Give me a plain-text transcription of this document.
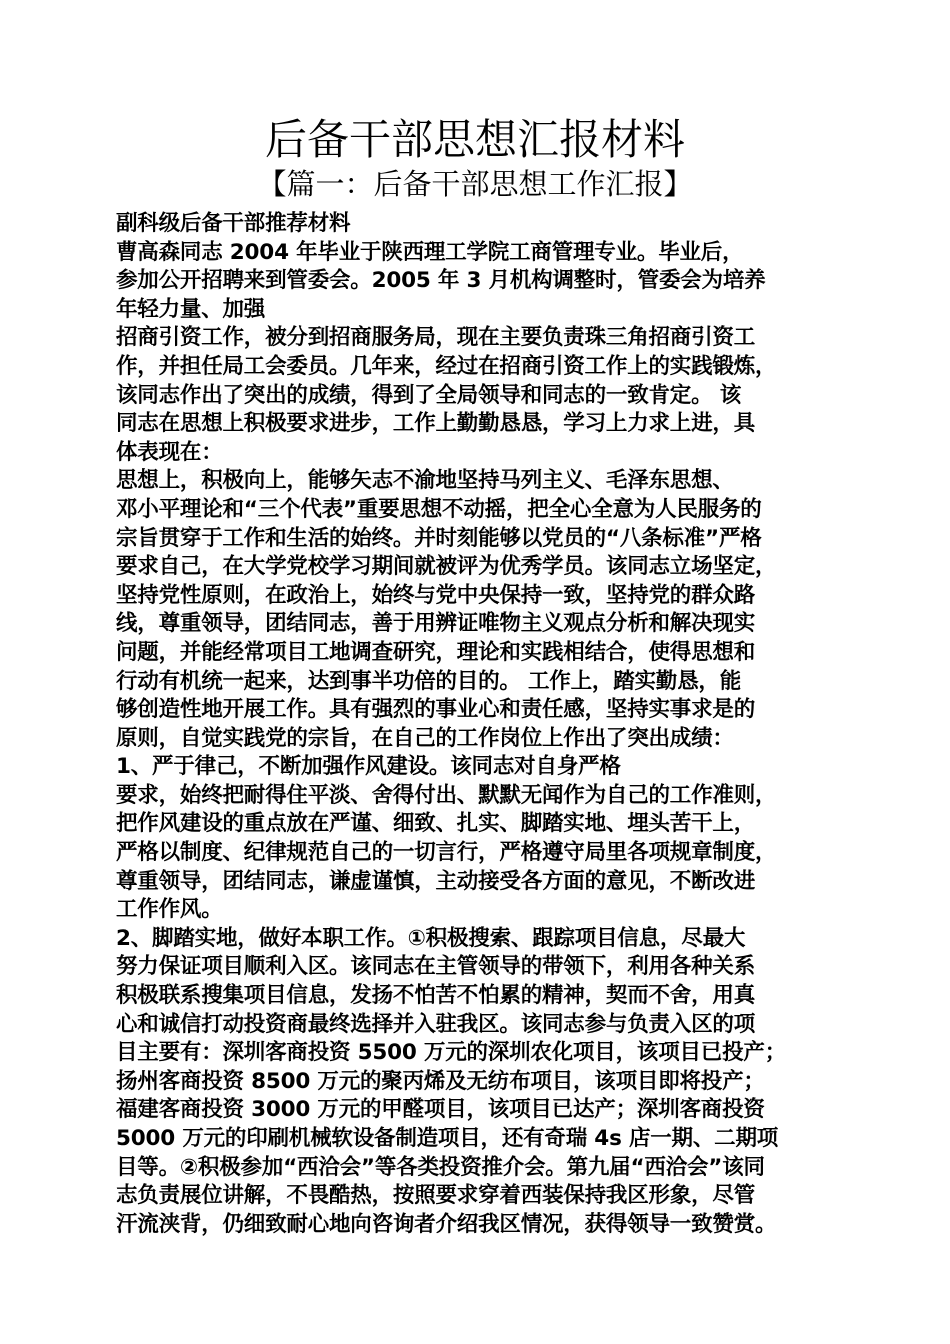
后备干部思想汇报材料
【篇一：后备干部思想工作汇报】
副科级后备干部推荐材料
曹高森同志 2004 年毕业于陕西理工学院工商管理专业。毕业后，
参加公开招聘来到管委会。2005 年 3 月机构调整时，管委会为培养
年轻力量、加强
招商引资工作，被分到招商服务局，现在主要负责珠三角招商引资工
作，并担任局工会委员。几年来，经过在招商引资工作上的实践锻炼，
该同志作出了突出的成绩，得到了全局领导和同志的一致肯定。 该
同志在思想上积极要求进步，工作上勤勤恳恳，学习上力求上进，具
体表现在：
思想上，积极向上，能够矢志不渝地坚持马列主义、毛泽东思想、
邓小平理论和“三个代表”重要思想不动摇，把全心全意为人民服务的
宗旨贯穿于工作和生活的始终。并时刻能够以党员的“八条标准”严格
要求自己，在大学党校学习期间就被评为优秀学员。该同志立场坚定，
坚持党性原则，在政治上，始终与党中央保持一致，坚持党的群众路
线，尊重领导，团结同志，善于用辨证唯物主义观点分析和解决现实
问题，并能经常项目工地调查研究，理论和实践相结合，使得思想和
行动有机统一起来，达到事半功倍的目的。 工作上，踏实勤恳，能
够创造性地开展工作。具有强烈的事业心和责任感，坚持实事求是的
原则，自觉实践党的宗旨，在自己的工作岗位上作出了突出成绩：
1、严于律己，不断加强作风建设。该同志对自身严格
要求，始终把耐得住平淡、舍得付出、默默无闻作为自己的工作准则，
把作风建设的重点放在严谨、细致、扎实、脚踏实地、埋头苦干上，
严格以制度、纪律规范自己的一切言行，严格遵守局里各项规章制度，
尊重领导，团结同志，谦虚谨慎，主动接受各方面的意见，不断改进
工作作风。
2、脚踏实地，做好本职工作。①积极搜索、跟踪项目信息，尽最大
努力保证项目顺利入区。该同志在主管领导的带领下，利用各种关系
积极联系搜集项目信息，发扬不怕苦不怕累的精神，契而不舍，用真
心和诚信打动投资商最终选择并入驻我区。该同志参与负责入区的项
目主要有：深圳客商投资 5500 万元的深圳农化项目，该项目已投产；
扬州客商投资 8500 万元的聚丙烯及无纺布项目，该项目即将投产；
福建客商投资 3000 万元的甲醛项目，该项目已达产；深圳客商投资
5000 万元的印刷机械软设备制造项目，还有奇瑞 4s 店一期、二期项
目等。②积极参加“西洽会”等各类投资推介会。第九届“西洽会”该同
志负责展位讲解，不畏酷热，按照要求穿着西装保持我区形象，尽管
汗流浃背，仍细致耐心地向咨询者介绍我区情况，获得领导一致赞赏。
